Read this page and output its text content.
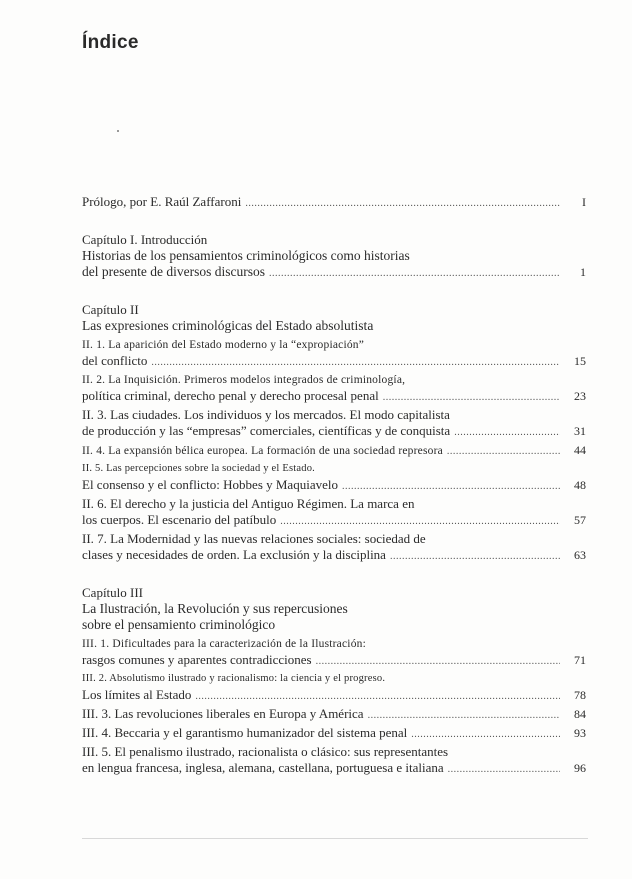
Índice
Prólogo, por E. Raúl Zaffaroni .....	I
Capítulo I. Introducción
Historias de los pensamientos criminológicos como historias
del presente de diversos discursos .....	1
Capítulo II
Las expresiones criminológicas del Estado absolutista
II. 1. La aparición del Estado moderno y la “expropiación”
del conflicto .....	15
II. 2. La Inquisición. Primeros modelos integrados de criminología,
política criminal, derecho penal y derecho procesal penal .....	23
II. 3. Las ciudades. Los individuos y los mercados. El modo capitalista
de producción y las “empresas” comerciales, científicas y de conquista .....	31
II. 4. La expansión bélica europea. La formación de una sociedad represora .....	44
II. 5. Las percepciones sobre la sociedad y el Estado.
El consenso y el conflicto: Hobbes y Maquiavelo .....	48
II. 6. El derecho y la justicia del Antiguo Régimen. La marca en
los cuerpos. El escenario del patíbulo .....	57
II. 7. La Modernidad y las nuevas relaciones sociales: sociedad de
clases y necesidades de orden. La exclusión y la disciplina .....	63
Capítulo III
La Ilustración, la Revolución y sus repercusiones
sobre el pensamiento criminológico
III. 1. Dificultades para la caracterización de la Ilustración:
rasgos comunes y aparentes contradicciones .....	71
III. 2. Absolutismo ilustrado y racionalismo: la ciencia y el progreso.
Los límites al Estado .....	78
III. 3. Las revoluciones liberales en Europa y América .....	84
III. 4. Beccaria y el garantismo humanizador del sistema penal .....	93
III. 5. El penalismo ilustrado, racionalista o clásico: sus representantes
en lengua francesa, inglesa, alemana, castellana, portuguesa e italiana .....	96
